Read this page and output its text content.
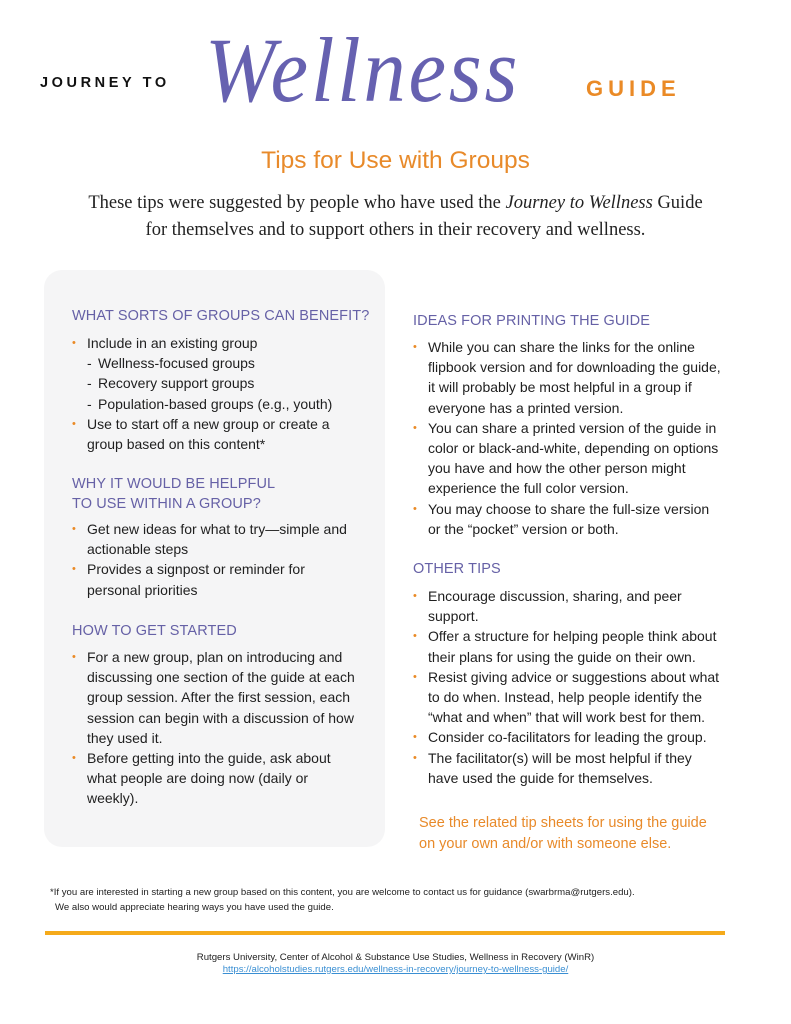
JOURNEY TO Wellness	GUIDE
Tips for Use with Groups

These tips were suggested by people who have used the Journey to Wellness Guide
for themselves and to support others in their recovery and wellness.

WHAT SORTS OF GROUPS CAN BENEFIT?
• Include in an existing group
- Wellness-focused groups
- Recovery support groups
- Population-based groups (e.g., youth)
• Use to start off a new group or create a
group based on this content*
WHY IT WOULD BE HELPFUL
TO USE WITHIN A GROUP?
• Get new ideas for what to try—simple and
actionable steps
• Provides a signpost or reminder for
personal priorities
HOW TO GET STARTED
• For a new group, plan on introducing and
discussing one section of the guide at each
group session. After the first session, each
session can begin with a discussion of how
they used it.
• Before getting into the guide, ask about
what people are doing now (daily or
weekly).
IDEAS FOR PRINTING THE GUIDE
• While you can share the links for the online
flipbook version and for downloading the guide,
it will probably be most helpful in a group if
everyone has a printed version.
• You can share a printed version of the guide in
color or black-and-white, depending on options
you have and how the other person might
experience the full color version.
• You may choose to share the full-size version
or the “pocket” version or both.
OTHER TIPS
• Encourage discussion, sharing, and peer
support.
• Offer a structure for helping people think about
their plans for using the guide on their own.
• Resist giving advice or suggestions about what
to do when. Instead, help people identify the
“what and when” that will work best for them.
• Consider co-facilitators for leading the group.
• The facilitator(s) will be most helpful if they
have used the guide for themselves.
See the related tip sheets for using the guide
on your own and/or with someone else.
*If you are interested in starting a new group based on this content, you are welcome to contact us for guidance (swarbrma@rutgers.edu).
We also would appreciate hearing ways you have used the guide.
Rutgers University, Center of Alcohol & Substance Use Studies, Wellness in Recovery (WinR)
https://alcoholstudies.rutgers.edu/wellness-in-recovery/journey-to-wellness-guide/
